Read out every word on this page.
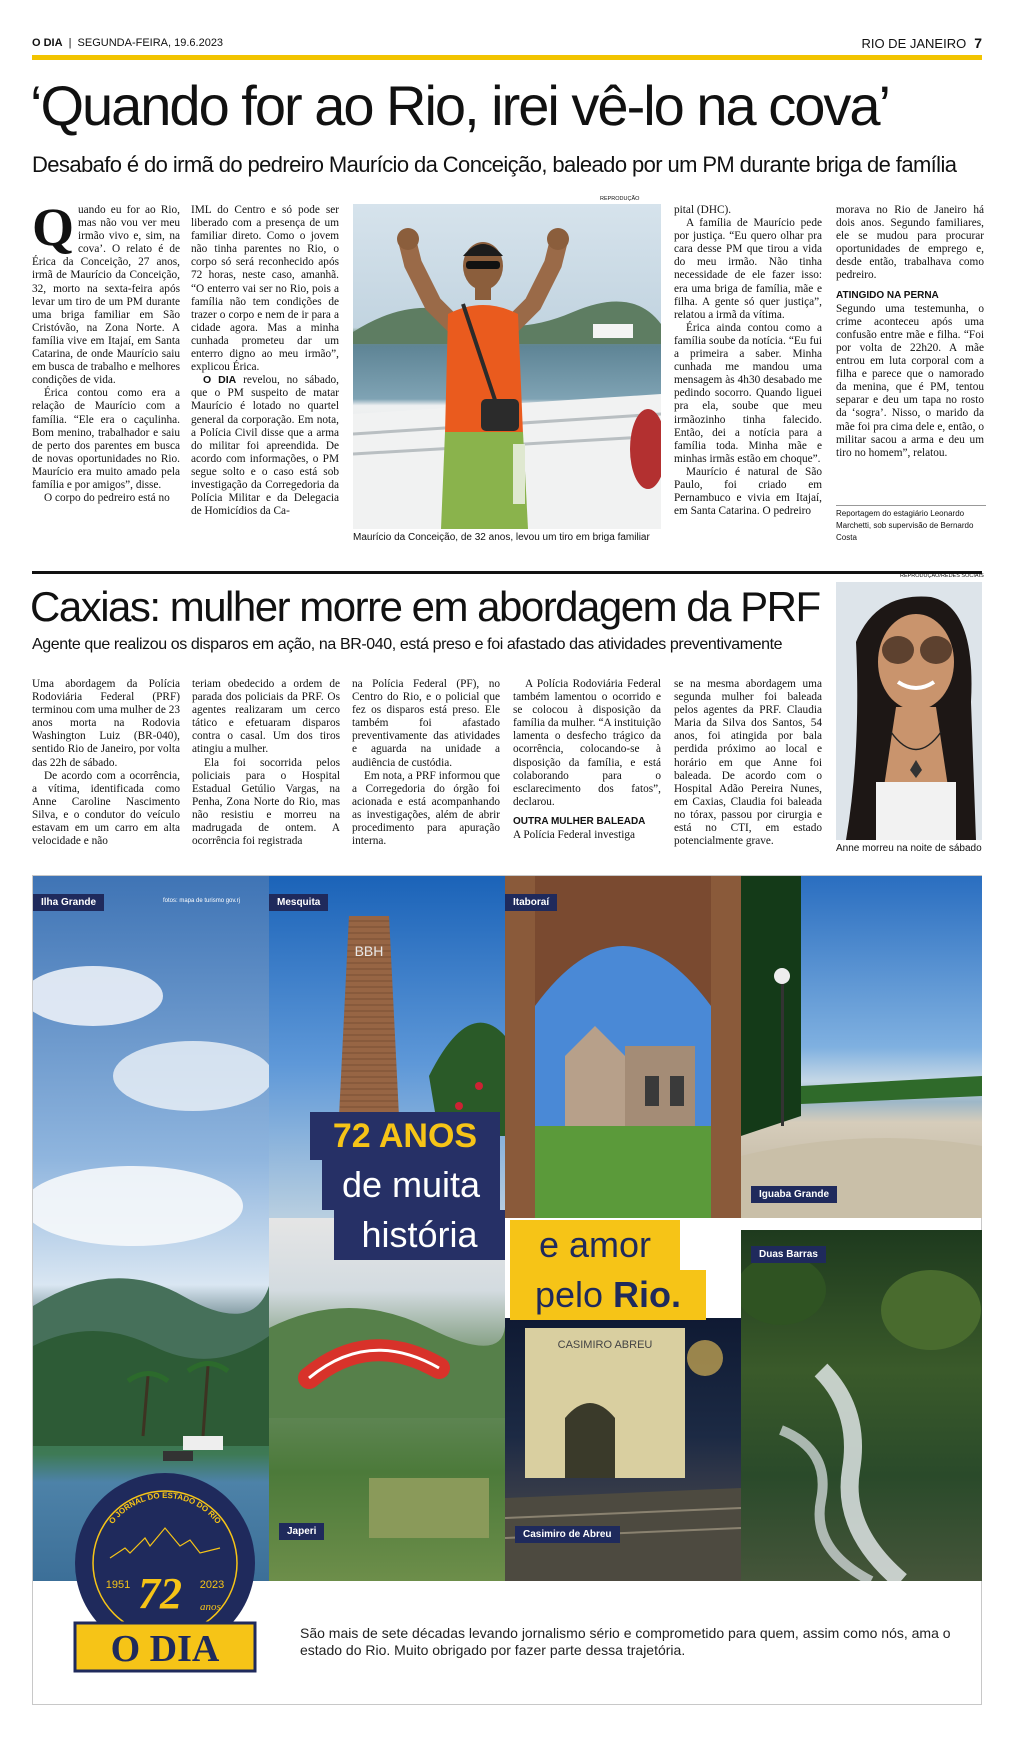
O DIA | SEGUNDA-FEIRA, 19.6.2023	RIO DE JANEIRO 7
‘Quando for ao Rio, irei vê-lo na cova’
Desabafo é do irmã do pedreiro Maurício da Conceição, baleado por um PM durante briga de família

Quando eu for ao Rio, mas não vou ver meu irmão vivo e, sim, na cova’. O relato é de Érica da Conceição, 27 anos, irmã de Maurício da Conceição, 32, morto na sexta-feira após levar um tiro de um PM durante uma briga familiar em São Cristóvão, na Zona Norte. A família vive em Itajaí, em Santa Catarina, de onde Maurício saiu em busca de trabalho e melhores condições de vida.

Érica contou como era a relação de Maurício com a família. “Ele era o caçulinha. Bom menino, trabalhador e saiu de perto dos parentes em busca de novas oportunidades no Rio. Maurício era muito amado pela família e por amigos”, disse.

O corpo do pedreiro está no

IML do Centro e só pode ser liberado com a presença de um familiar direto. Como o jovem não tinha parentes no Rio, o corpo só será reconhecido após 72 horas, neste caso, amanhã. “O enterro vai ser no Rio, pois a família não tem condições de trazer o corpo e nem de ir para a cidade agora. Mas a minha cunhada prometeu dar um enterro digno ao meu irmão”, explicou Érica.

O DIA revelou, no sábado, que o PM suspeito de matar Maurício é lotado no quartel general da corporação. Em nota, a Polícia Civil disse que a arma do militar foi apreendida. De acordo com informações, o PM segue solto e o caso está sob investigação da Corregedoria da Polícia Militar e da Delegacia de Homicídios da Ca-

REPRODUÇÃO
Maurício da Conceição, de 32 anos, levou um tiro em briga familiar

pital (DHC).

A família de Maurício pede por justiça. “Eu quero olhar pra cara desse PM que tirou a vida do meu irmão. Não tinha necessidade de ele fazer isso: era uma briga de família, mãe e filha. A gente só quer justiça”, relatou a irmã da vítima.

Érica ainda contou como a família soube da notícia. “Eu fui a primeira a saber. Minha cunhada me mandou uma mensagem às 4h30 desabado me pedindo socorro. Quando liguei pra ela, soube que meu irmãozinho tinha falecido. Então, dei a notícia para a família toda. Minha mãe e minhas irmãs estão em choque”.

Maurício é natural de São Paulo, foi criado em Pernambuco e vivia em Itajaí, em Santa Catarina. O pedreiro

morava no Rio de Janeiro há dois anos. Segundo familiares, ele se mudou para procurar oportunidades de emprego e, desde então, trabalhava como pedreiro.

ATINGIDO NA PERNA

Segundo uma testemunha, o crime aconteceu após uma confusão entre mãe e filha. “Foi por volta de 22h20. A mãe entrou em luta corporal com a filha e parece que o namorado da menina, que é PM, tentou separar e deu um tapa no rosto da ‘sogra’. Nisso, o marido da mãe foi pra cima dele e, então, o militar sacou a arma e deu um tiro no homem”, relatou.

Reportagem do estagiário Leonardo Marchetti, sob supervisão de Bernardo Costa
Caxias: mulher morre em abordagem da PRF
Agente que realizou os disparos em ação, na BR-040, está preso e foi afastado das atividades preventivamente
REPRODUÇÃO/REDES SOCIAIS
Anne morreu na noite de sábado

Uma abordagem da Polícia Rodoviária Federal (PRF) terminou com uma mulher de 23 anos morta na Rodovia Washington Luiz (BR-040), sentido Rio de Janeiro, por volta das 22h de sábado.

De acordo com a ocorrência, a vítima, identificada como Anne Caroline Nascimento Silva, e o condutor do veículo estavam em um carro em alta velocidade e não

teriam obedecido a ordem de parada dos policiais da PRF. Os agentes realizaram um cerco tático e efetuaram disparos contra o casal. Um dos tiros atingiu a mulher.

Ela foi socorrida pelos policiais para o Hospital Estadual Getúlio Vargas, na Penha, Zona Norte do Rio, mas não resistiu e morreu na madrugada de ontem. A ocorrência foi registrada

na Polícia Federal (PF), no Centro do Rio, e o policial que fez os disparos está preso. Ele também foi afastado preventivamente das atividades e aguarda na unidade a audiência de custódia.

Em nota, a PRF informou que a Corregedoria do órgão foi acionada e está acompanhando as investigações, além de abrir procedimento para apuração interna.

A Polícia Rodoviária Federal também lamentou o ocorrido e se colocou à disposição da família da mulher. “A instituição lamenta o desfecho trágico da ocorrência, colocando-se à disposição da família, e está colaborando para o esclarecimento dos fatos”, declarou.

OUTRA MULHER BALEADA

A Polícia Federal investiga

se na mesma abordagem uma segunda mulher foi baleada pelos agentes da PRF. Claudia Maria da Silva dos Santos, 54 anos, foi atingida por bala perdida próximo ao local e horário em que Anne foi baleada. De acordo com o Hospital Adão Pereira Nunes, em Caxias, Claudia foi baleada no tórax, passou por cirurgia e está no CTI, em estado potencialmente grave.

Ilha Grande	fotos: mapa de turismo gov.rj
BBH
Mesquita	Itaboraí
Iguaba Grande
Japeri
CASIMIRO ABREU
Casimiro de Abreu
Duas Barras
72 ANOS
de muita
história	e amor
pelo Rio.
O JORNAL DO ESTADO DO RIO
1951	2023
72 anos
O DIA	São mais de sete décadas levando jornalismo sério e comprometido para quem, assim como nós, ama o estado do Rio. Muito obrigado por fazer parte dessa trajetória.
